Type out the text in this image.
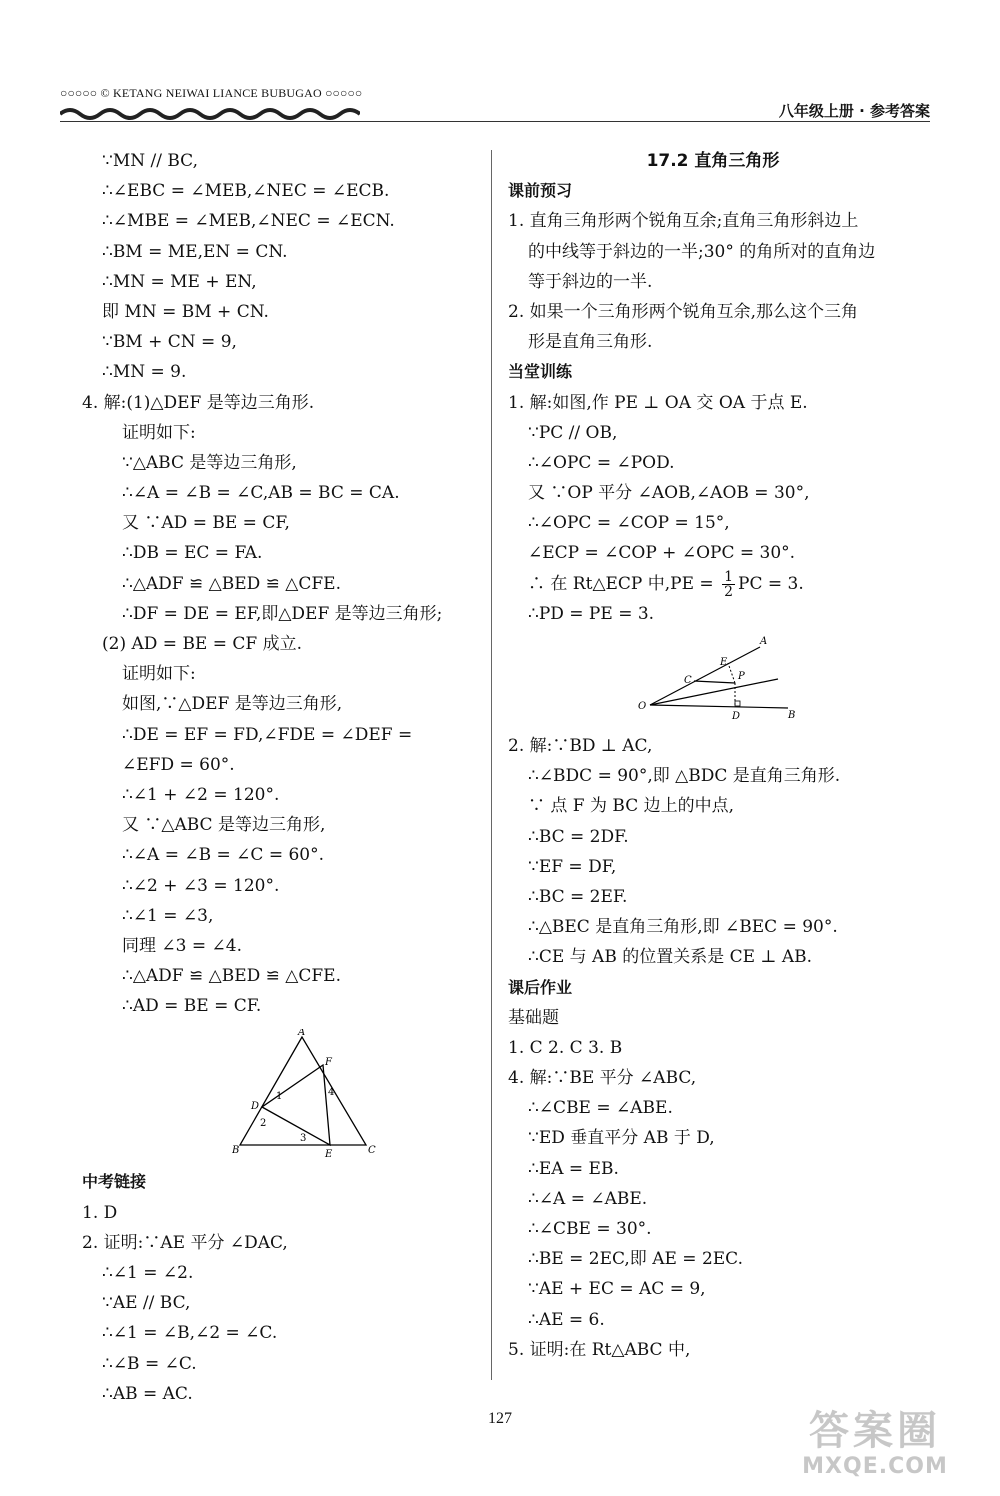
○○○○○ © KETANG NEIWAI LIANCE BUBUGAO ○○○○○
八年级上册 · 参考答案
∵MN // BC,
∴∠EBC = ∠MEB,∠NEC = ∠ECB.
∴∠MBE = ∠MEB,∠NEC = ∠ECN.
∴BM = ME,EN = CN.
∴MN = ME + EN,
即 MN = BM + CN.
∵BM + CN = 9,
∴MN = 9.
4. 解:(1)△DEF 是等边三角形.
证明如下:
∵△ABC 是等边三角形,
∴∠A = ∠B = ∠C,AB = BC = CA.
又 ∵AD = BE = CF,
∴DB = EC = FA.
∴△ADF ≌ △BED ≌ △CFE.
∴DF = DE = EF,即△DEF 是等边三角形;
(2) AD = BE = CF 成立.
证明如下:
如图,∵△DEF 是等边三角形,
∴DE = EF = FD,∠FDE = ∠DEF =
∠EFD = 60°.
∴∠1 + ∠2 = 120°.
又 ∵△ABC 是等边三角形,
∴∠A = ∠B = ∠C = 60°.
∴∠2 + ∠3 = 120°.
∴∠1 = ∠3,
同理 ∠3 = ∠4.
∴△ADF ≌ △BED ≌ △CFE.
∴AD = BE = CF.
A
B	C
D
E
F
1
2
3
4
中考链接
1. D
2. 证明:∵AE 平分 ∠DAC,
∴∠1 = ∠2.
∵AE // BC,
∴∠1 = ∠B,∠2 = ∠C.
∴∠B = ∠C.
∴AB = AC.
17.2 直角三角形
课前预习
1. 直角三角形两个锐角互余;直角三角形斜边上
的中线等于斜边的一半;30° 的角所对的直角边
等于斜边的一半.
2. 如果一个三角形两个锐角互余,那么这个三角
形是直角三角形.
当堂训练
1. 解:如图,作 PE ⊥ OA 交 OA 于点 E.
∵PC // OB,
∴∠OPC = ∠POD.
又 ∵OP 平分 ∠AOB,∠AOB = 30°,
∴∠OPC = ∠COP = 15°,
∠ECP = ∠COP + ∠OPC = 30°.
∴ 在 Rt△ECP 中$,PE = \frac{1}{2}$ PC = 3.
∴PD = PE = 3.
A
B
C
D
E
O
P
2. 解:∵BD ⊥ AC,
∴∠BDC = 90°,即 △BDC 是直角三角形.
∵ 点 F 为 BC 边上的中点,
∴BC = 2DF.
∵EF = DF,
∴BC = 2EF.
∴△BEC 是直角三角形,即 ∠BEC = 90°.
∴CE 与 AB 的位置关系是 CE ⊥ AB.
课后作业
基础题
1. C 2. C 3. B
4. 解:∵BE 平分 ∠ABC,
∴∠CBE = ∠ABE.
∵ED 垂直平分 AB 于 D,
∴EA = EB.
∴∠A = ∠ABE.
∴∠CBE = 30°.
∴BE = 2EC,即 AE = 2EC.
∵AE + EC = AC = 9,
∴AE = 6.
5. 证明:在 Rt△ABC 中,
127	答案圈
MXQE.COM
